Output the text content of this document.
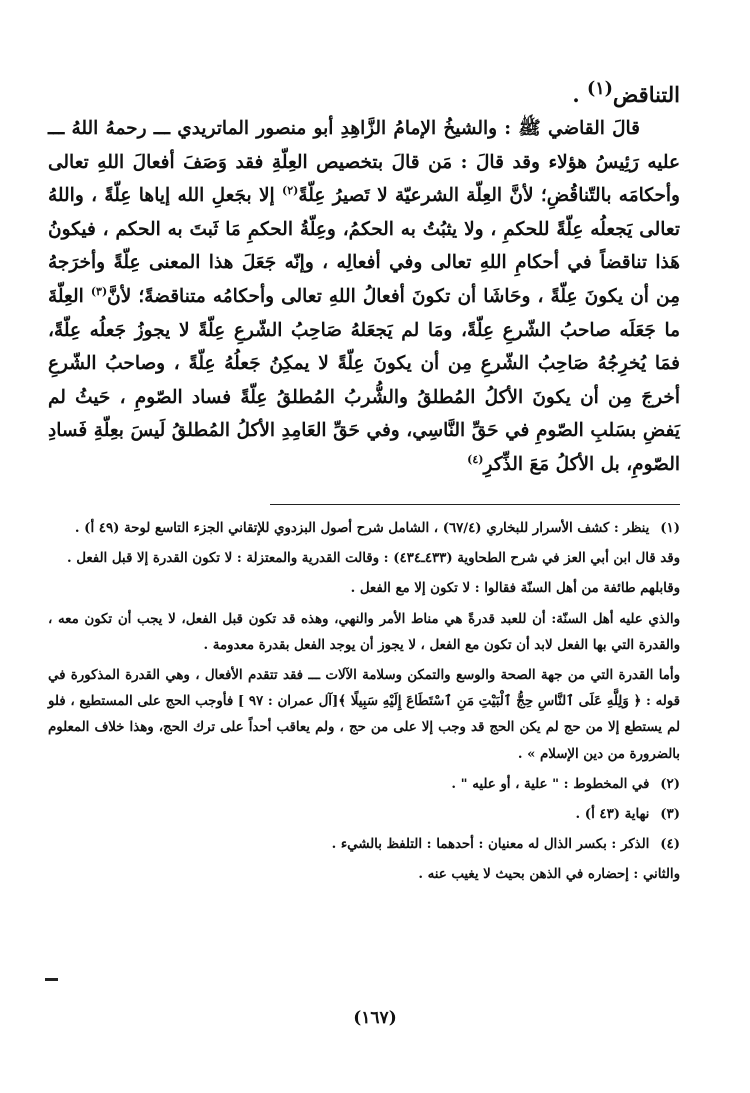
التناقض$^{(١)}$ .

قالَ القاضي ﷺ : والشيخُ الإمامُ الزَّاهِدِ أبو منصور الماتريدي ـــ رحمهُ اللهُ ـــ عليه رَئِيسُ هؤلاء وقد قالَ : مَن قالَ بتخصيص العِلّةِ فقد وَصَفَ أفعالَ اللهِ تعالى وأحكامَه بالتّناقُضِ؛ لأنَّ العِلّة الشرعيّة لا تَصيرُ عِلّةً$^{(٢)}$ إلا بجَعلِ الله إياها عِلّةً ، واللهُ تعالى يَجعلُه عِلّةً للحكمِ ، ولا يثبُتُ به الحكمُ، وعِلّةُ الحكمِ مَا ثَبتَ به الحكم ، فيكونُ هَذا تناقضاً في أحكامِ اللهِ تعالى وفي أفعالِه ، وإنّه جَعَلَ هذا المعنى عِلّةً وأخرَجهُ مِن أن يكونَ عِلّةً ، وحَاشَا أن تكونَ أفعالُ اللهِ تعالى وأحكامُه متناقضةً؛ لأنَّ$^{(٣)}$ العِلّةَ ما جَعَلَه صاحبُ الشّرعِ عِلّةً، ومَا لم يَجعَلهُ صَاحِبُ الشّرعِ عِلّةً لا يجوزُ جَعلُه عِلّةً، فمَا يُخرِجُهُ صَاحِبُ الشّرعِ مِن أن يكونَ عِلّةً لا يمكِنُ جَعلُهُ عِلّةً ، وصاحبُ الشّرعِ أخرجَ مِن أن يكونَ الأكلُ المُطلقُ والشُّربُ المُطلقُ عِلّةً فساد الصّومِ ، حَيثُ لم يَفضِ بسَلبِ الصّومِ في حَقِّ النَّاسِي، وفي حَقِّ العَامِدِ الأكلُ المُطلقُ لَيسَ بعِلّةِ فَسادِ الصّومِ، بل الأكلُ مَعَ الذِّكرِ$^{(٤)}$

(١) ينظر : كشف الأسرار للبخاري (٦٧/٤) ، الشامل شرح أصول البزدوي للإتقاني الجزء التاسع لوحة (٤٩ أ) .
وقد قال ابن أبي العز في شرح الطحاوية (٤٣٣ـ٤٣٤) : وقالت القدرية والمعتزلة : لا تكون القدرة إلا قبل الفعل .
وقابلهم طائفة من أهل السنّة فقالوا : لا تكون إلا مع الفعل .
والذي عليه أهل السنّة: أن للعبد قدرةً هي مناط الأمر والنهي، وهذه قد تكون قبل الفعل، لا يجب أن تكون معه ، والقدرة التي بها الفعل لابد أن تكون مع الفعل ، لا يجوز أن يوجد الفعل بقدرة معدومة .
وأما القدرة التي من جهة الصحة والوسع والتمكن وسلامة الآلات ـــ فقد تتقدم الأفعال ، وهي القدرة المذكورة في قوله : ﴿ وَلِلَّهِ عَلَى ٱلنَّاسِ حِجُّ ٱلْبَيْتِ مَنِ ٱسْتَطَاعَ إِلَيْهِ سَبِيلًا ﴾[آل عمران : ٩٧ ] فأوجب الحج على المستطيع ، فلو لم يستطع إلا من حج لم يكن الحج قد وجب إلا على من حج ، ولم يعاقب أحداً على ترك الحج، وهذا خلاف المعلوم بالضرورة من دين الإسلام » .
(٢) في المخطوط : " علية ، أو عليه " .
(٣) نهاية (٤٣ أ) .
(٤) الذكر : بكسر الذال له معنيان : أحدهما : التلفظ بالشيء .
والثاني : إحضاره في الذهن بحيث لا يغيب عنه .
(١٦٧)
